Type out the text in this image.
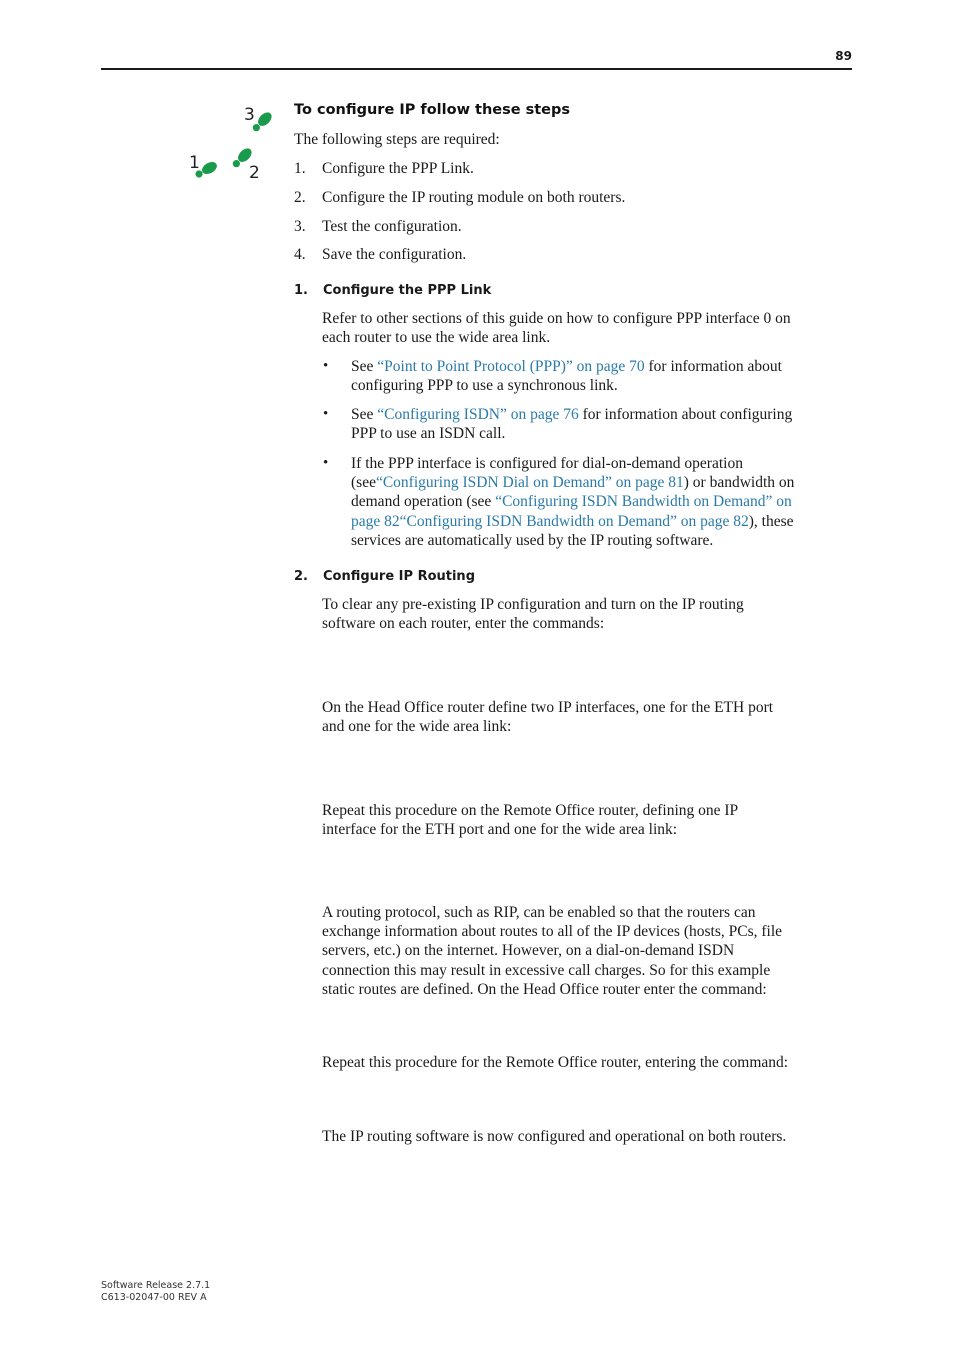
89
3
1	2
To configure IP follow these steps
The following steps are required:
1.	Configure the PPP Link.
2.	Configure the IP routing module on both routers.
3.	Test the configuration.
4.	Save the configuration.
1. Configure the PPP Link
Refer to other sections of this guide on how to configure PPP interface 0 on
each router to use the wide area link.
• See “Point to Point Protocol (PPP)” on page 70 for information about
configuring PPP to use a synchronous link.
• See “Configuring ISDN” on page 76 for information about configuring
PPP to use an ISDN call.
• If the PPP interface is configured for dial-on-demand operation
(see“Configuring ISDN Dial on Demand” on page 81) or bandwidth on
demand operation (see “Configuring ISDN Bandwidth on Demand” on
page 82“Configuring ISDN Bandwidth on Demand” on page 82), these
services are automatically used by the IP routing software.
2. Configure IP Routing
To clear any pre-existing IP configuration and turn on the IP routing
software on each router, enter the commands:
On the Head Office router define two IP interfaces, one for the ETH port
and one for the wide area link:
Repeat this procedure on the Remote Office router, defining one IP
interface for the ETH port and one for the wide area link:
A routing protocol, such as RIP, can be enabled so that the routers can
exchange information about routes to all of the IP devices (hosts, PCs, file
servers, etc.) on the internet. However, on a dial-on-demand ISDN
connection this may result in excessive call charges. So for this example
static routes are defined. On the Head Office router enter the command:
Repeat this procedure for the Remote Office router, entering the command:
The IP routing software is now configured and operational on both routers.
Software Release 2.7.1
C613-02047-00 REV A
